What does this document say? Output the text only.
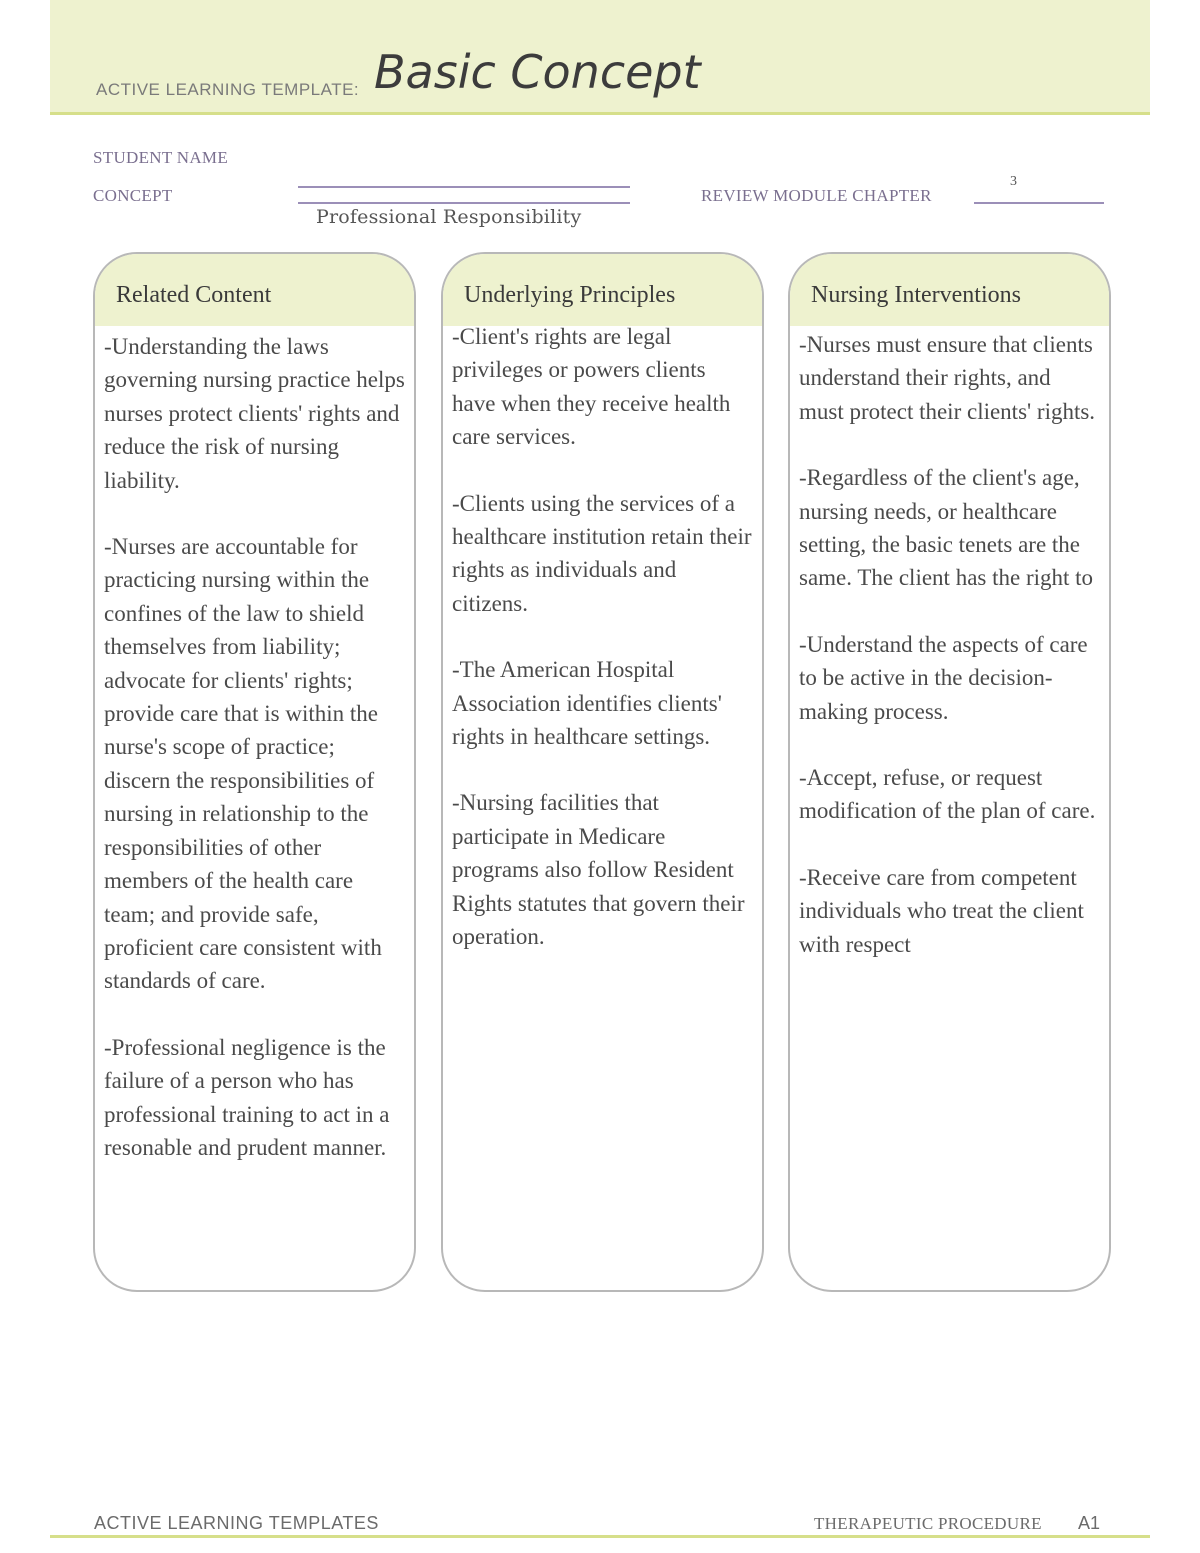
ACTIVE LEARNING TEMPLATE: Basic Concept
STUDENT NAME
CONCEPT
Professional Responsibility
REVIEW MODULE CHAPTER
3
Related Content

-Understanding the laws governing nursing practice helps nurses protect clients' rights and reduce the risk of nursing liability.

-Nurses are accountable for practicing nursing within the confines of the law to shield themselves from liability; advocate for clients' rights; provide care that is within the nurse's scope of practice; discern the responsibilities of nursing in relationship to the responsibilities of other members of the health care team; and provide safe, proficient care consistent with standards of care.

-Professional negligence is the failure of a person who has professional training to act in a resonable and prudent manner.

Underlying Principles

-Client's rights are legal privileges or powers clients have when they receive health care services.

-Clients using the services of a healthcare institution retain their rights as individuals and citizens.

-The American Hospital Association identifies clients' rights in healthcare settings.

-Nursing facilities that participate in Medicare programs also follow Resident Rights statutes that govern their operation.

Nursing Interventions

-Nurses must ensure that clients understand their rights, and must protect their clients' rights.

-Regardless of the client's age, nursing needs, or healthcare setting, the basic tenets are the same. The client has the right to

-Understand the aspects of care to be active in the decision-making process.

-Accept, refuse, or request modification of the plan of care.

-Receive care from competent individuals who treat the client with respect

ACTIVE LEARNING TEMPLATES	THERAPEUTIC PROCEDURE A1
